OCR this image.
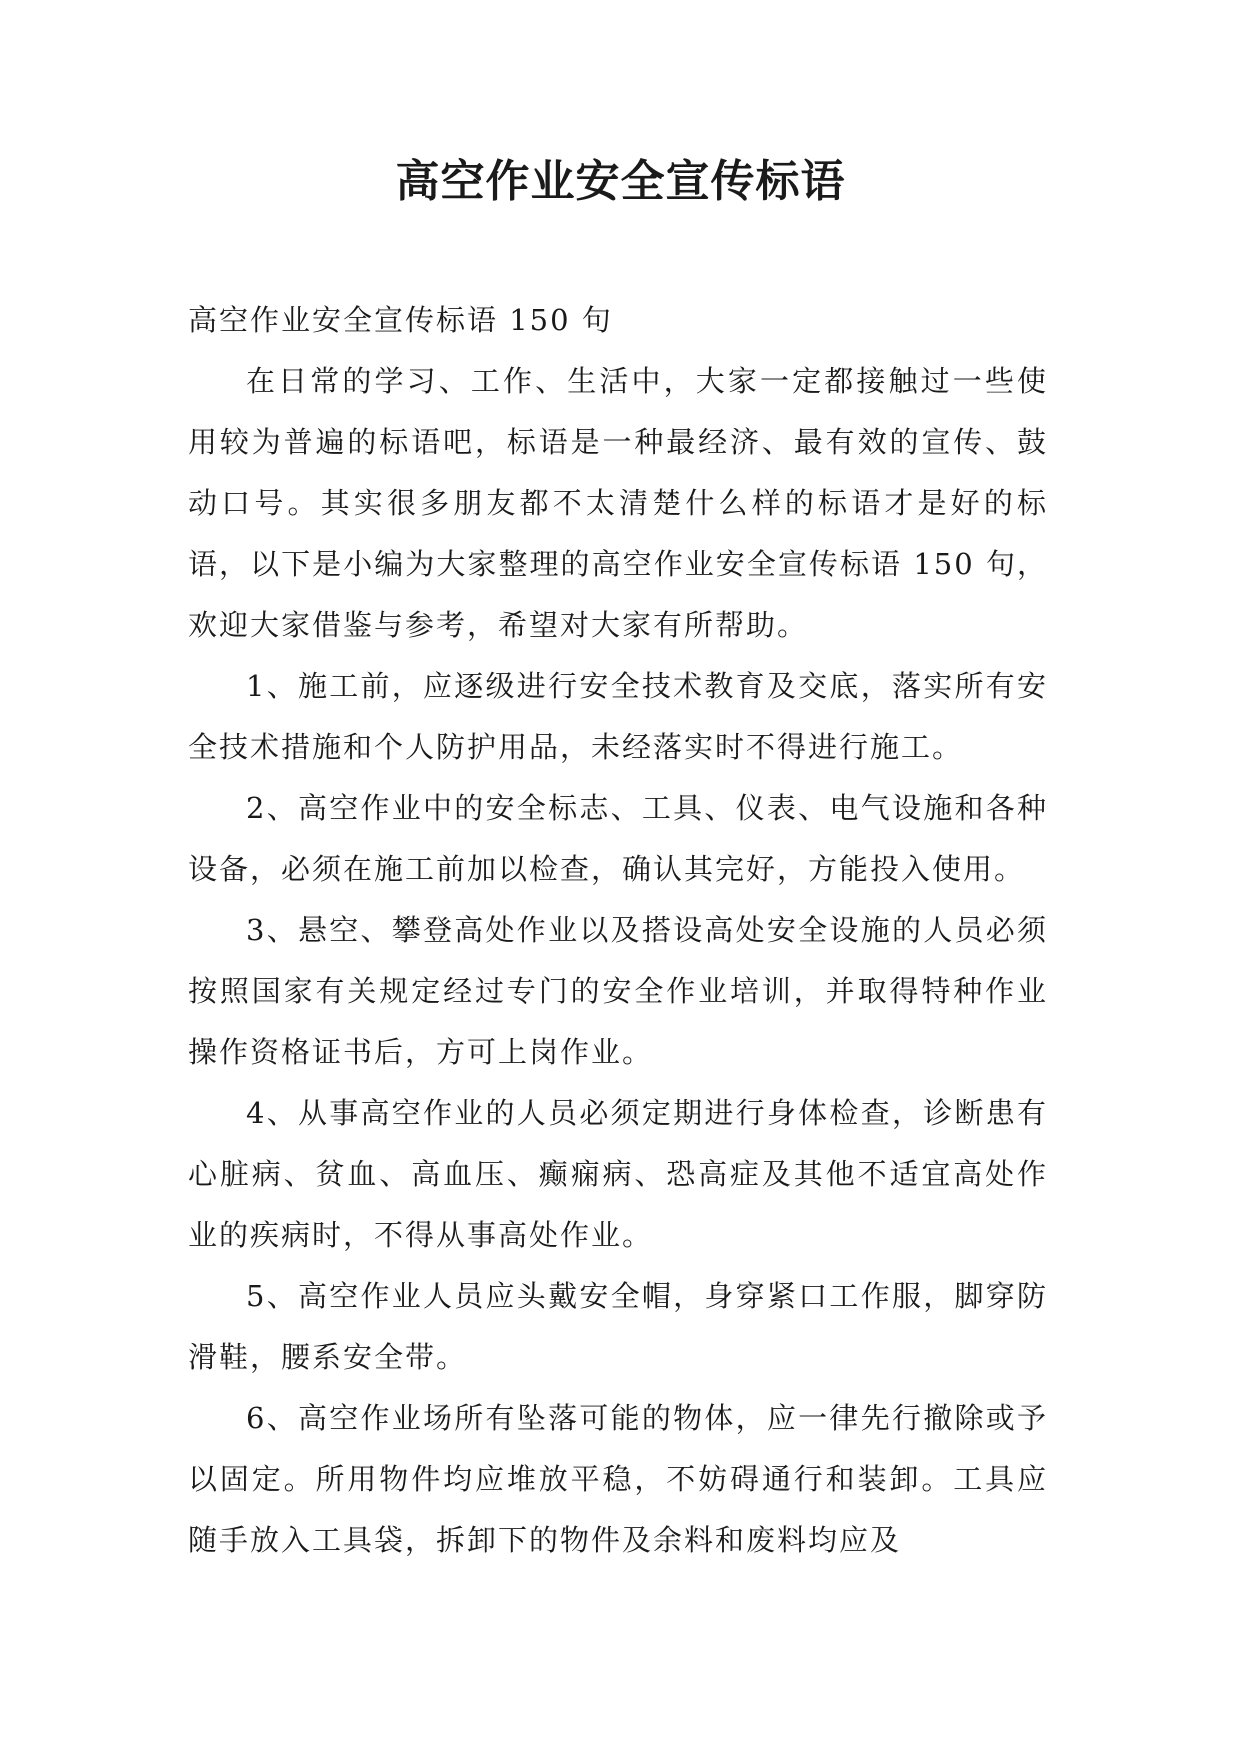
高空作业安全宣传标语

高空作业安全宣传标语 150 句

在日常的学习、工作、生活中，大家一定都接触过一些使用较为普遍的标语吧，标语是一种最经济、最有效的宣传、鼓动口号。其实很多朋友都不太清楚什么样的标语才是好的标语，以下是小编为大家整理的高空作业安全宣传标语 150 句，欢迎大家借鉴与参考，希望对大家有所帮助。

1、施工前，应逐级进行安全技术教育及交底，落实所有安全技术措施和个人防护用品，未经落实时不得进行施工。

2、高空作业中的安全标志、工具、仪表、电气设施和各种设备，必须在施工前加以检查，确认其完好，方能投入使用。

3、悬空、攀登高处作业以及搭设高处安全设施的人员必须按照国家有关规定经过专门的安全作业培训，并取得特种作业操作资格证书后，方可上岗作业。

4、从事高空作业的人员必须定期进行身体检查，诊断患有心脏病、贫血、高血压、癫痫病、恐高症及其他不适宜高处作业的疾病时，不得从事高处作业。

5、高空作业人员应头戴安全帽，身穿紧口工作服，脚穿防滑鞋，腰系安全带。

6、高空作业场所有坠落可能的物体，应一律先行撤除或予以固定。所用物件均应堆放平稳，不妨碍通行和装卸。工具应随手放入工具袋，拆卸下的物件及余料和废料均应及
